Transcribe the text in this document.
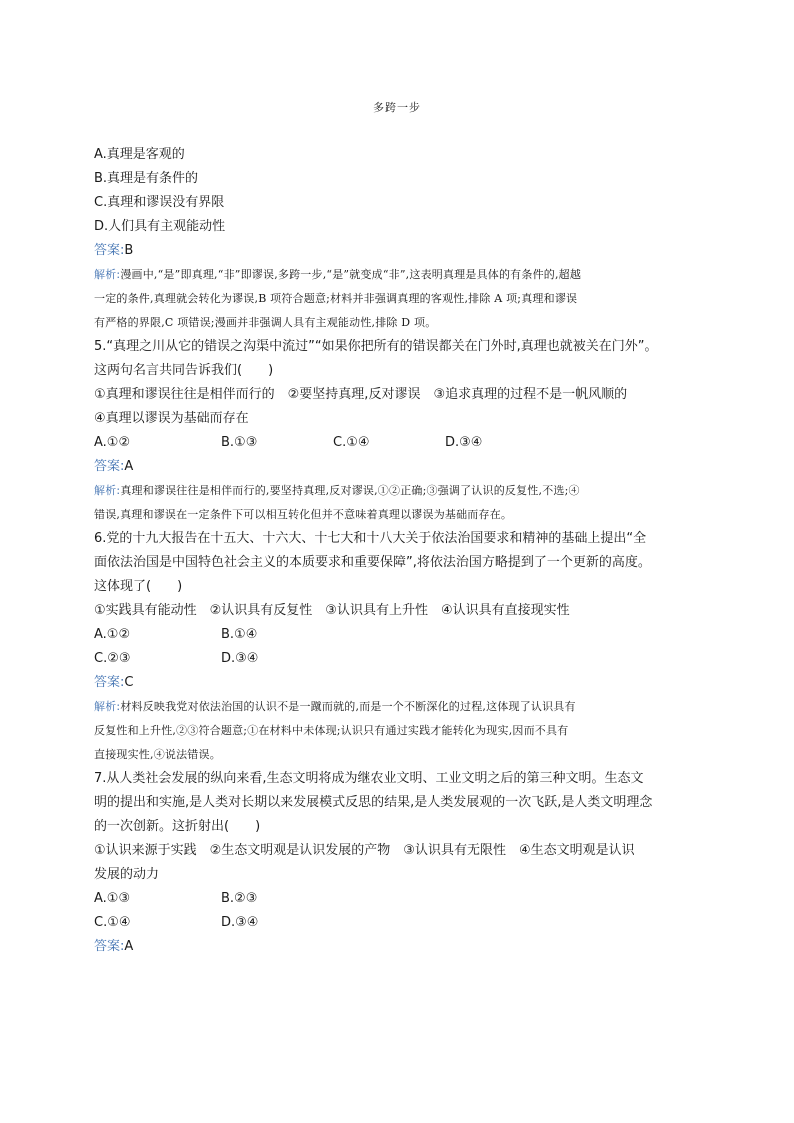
多跨一步
A.真理是客观的
B.真理是有条件的
C.真理和谬误没有界限
D.人们具有主观能动性
答案:B
解析:漫画中,“是”即真理,“非”即谬误,多跨一步,“是”就变成“非”,这表明真理是具体的有条件的,超越
一定的条件,真理就会转化为谬误,B 项符合题意;材料并非强调真理的客观性,排除 A 项;真理和谬误
有严格的界限,C 项错误;漫画并非强调人具有主观能动性,排除 D 项。
5.“真理之川从它的错误之沟渠中流过”“如果你把所有的错误都关在门外时,真理也就被关在门外”。
这两句名言共同告诉我们(　　)
①真理和谬误往往是相伴而行的　②要坚持真理,反对谬误　③追求真理的过程不是一帆风顺的
④真理以谬误为基础而存在
A.①②	B.①③	C.①④	D.③④
答案:A
解析:真理和谬误往往是相伴而行的,要坚持真理,反对谬误,①②正确;③强调了认识的反复性,不选;④
错误,真理和谬误在一定条件下可以相互转化但并不意味着真理以谬误为基础而存在。
6.党的十九大报告在十五大、十六大、十七大和十八大关于依法治国要求和精神的基础上提出“全
面依法治国是中国特色社会主义的本质要求和重要保障”,将依法治国方略提到了一个更新的高度。
这体现了(　　)
①实践具有能动性　②认识具有反复性　③认识具有上升性　④认识具有直接现实性
A.①②	B.①④
C.②③	D.③④
答案:C
解析:材料反映我党对依法治国的认识不是一蹴而就的,而是一个不断深化的过程,这体现了认识具有
反复性和上升性,②③符合题意;①在材料中未体现;认识只有通过实践才能转化为现实,因而不具有
直接现实性,④说法错误。
7.从人类社会发展的纵向来看,生态文明将成为继农业文明、工业文明之后的第三种文明。生态文
明的提出和实施,是人类对长期以来发展模式反思的结果,是人类发展观的一次飞跃,是人类文明理念
的一次创新。这折射出(　　)
①认识来源于实践　②生态文明观是认识发展的产物　③认识具有无限性　④生态文明观是认识
发展的动力
A.①③	B.②③
C.①④	D.③④
答案:A
